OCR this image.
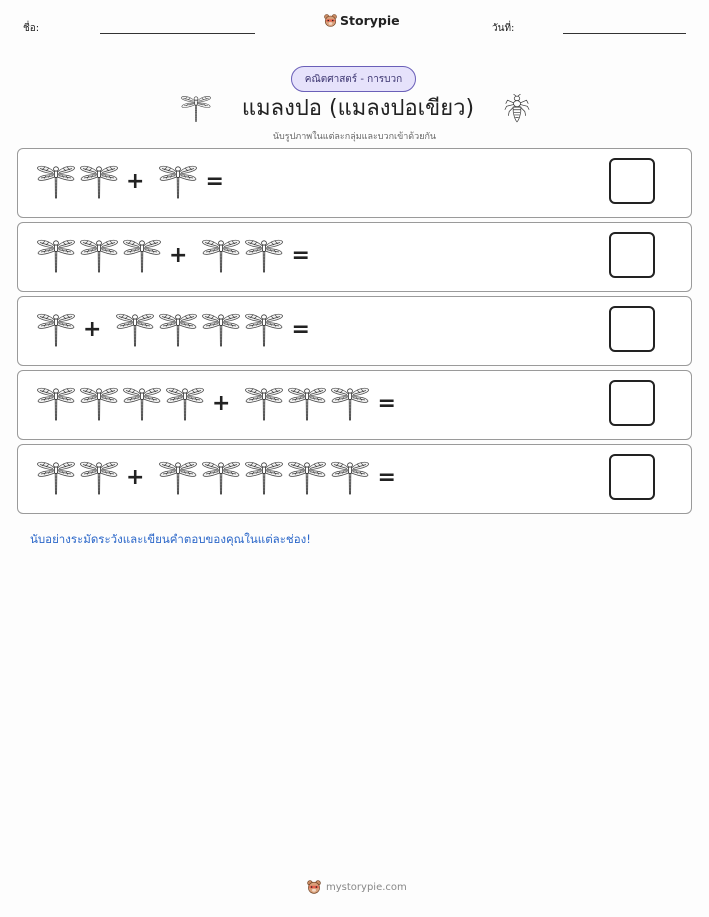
ชื่อ:
Storypie
วันที่:
คณิตศาสตร์ - การบวก
แมลงปอ (แมลงปอเขียว)
นับรูปภาพในแต่ละกลุ่มและบวกเข้าด้วยกัน
+	=
+	=
+	=
+	=
+	=
นับอย่างระมัดระวังและเขียนคำตอบของคุณในแต่ละช่อง!
mystorypie.com
